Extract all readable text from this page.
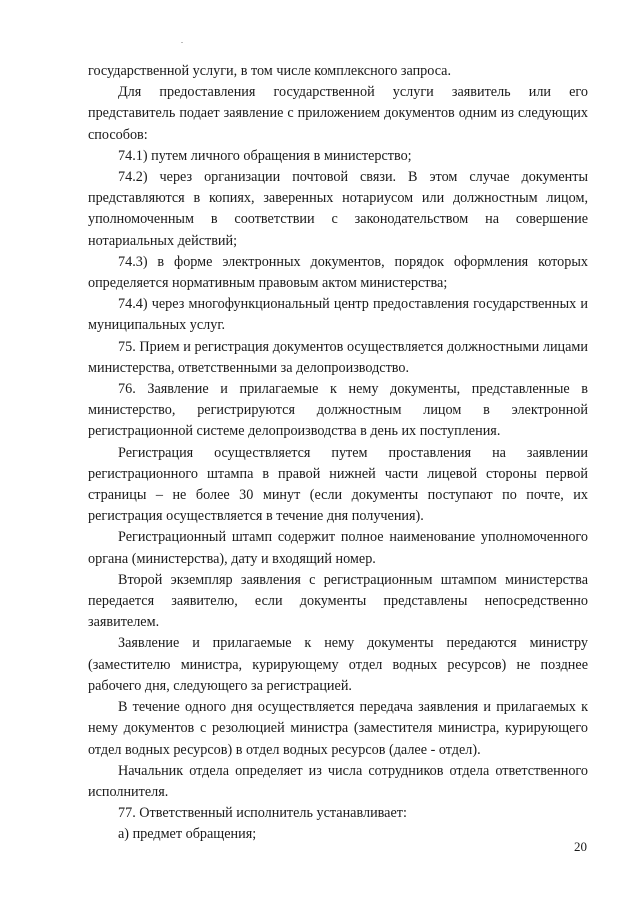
государственной услуги, в том числе комплексного запроса.

Для предоставления государственной услуги заявитель или его представитель подает заявление с приложением документов одним из следующих способов:

74.1) путем личного обращения в министерство;

74.2) через организации почтовой связи. В этом случае документы представляются в копиях, заверенных нотариусом или должностным лицом, уполномоченным в соответствии с законодательством на совершение нотариальных действий;

74.3) в форме электронных документов, порядок оформления которых определяется нормативным правовым актом министерства;

74.4) через многофункциональный центр предоставления государственных и муниципальных услуг.

75. Прием и регистрация документов осуществляется должностными лицами министерства, ответственными за делопроизводство.

76. Заявление и прилагаемые к нему документы, представленные в министерство, регистрируются должностным лицом в электронной регистрационной системе делопроизводства в день их поступления.

Регистрация осуществляется путем проставления на заявлении регистрационного штампа в правой нижней части лицевой стороны первой страницы – не более 30 минут (если документы поступают по почте, их регистрация осуществляется в течение дня получения).

Регистрационный штамп содержит полное наименование уполномоченного органа (министерства), дату и входящий номер.

Второй экземпляр заявления с регистрационным штампом министерства передается заявителю, если документы представлены непосредственно заявителем.

Заявление и прилагаемые к нему документы передаются министру (заместителю министра, курирующему отдел водных ресурсов) не позднее рабочего дня, следующего за регистрацией.

В течение одного дня осуществляется передача заявления и прилагаемых к нему документов с резолюцией министра (заместителя министра, курирующего отдел водных ресурсов) в отдел водных ресурсов (далее - отдел).

Начальник отдела определяет из числа сотрудников отдела ответственного исполнителя.

77. Ответственный исполнитель устанавливает:

а) предмет обращения;

20
